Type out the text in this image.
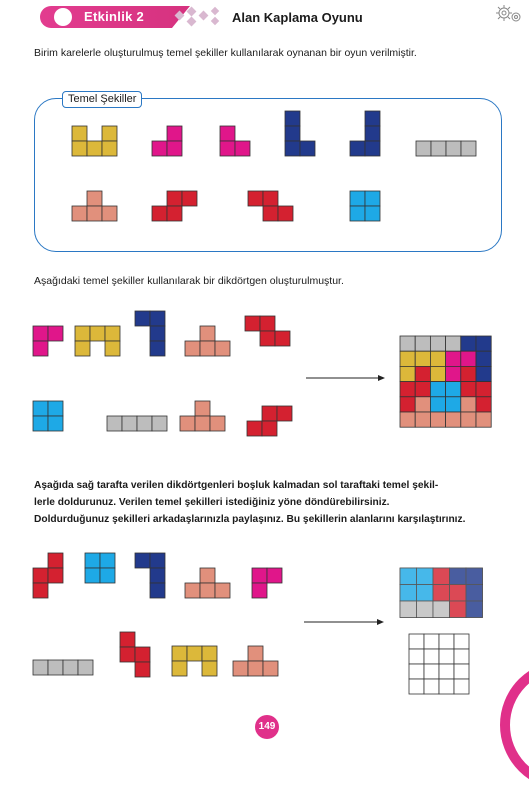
Etkinlik 2	Alan Kaplama Oyunu
Birim karelerle oluşturulmuş temel şekiller kullanılarak oynanan bir oyun verilmiştir.
Temel Şekiller
Aşağıdaki temel şekiller kullanılarak bir dikdörtgen oluşturulmuştur.
Aşağıda sağ tarafta verilen dikdörtgenleri boşluk kalmadan sol taraftaki temel şekil-
lerle doldurunuz. Verilen temel şekilleri istediğiniz yöne döndürebilirsiniz.
Doldurduğunuz şekilleri arkadaşlarınızla paylaşınız. Bu şekillerin alanlarını karşılaştırınız.
149
